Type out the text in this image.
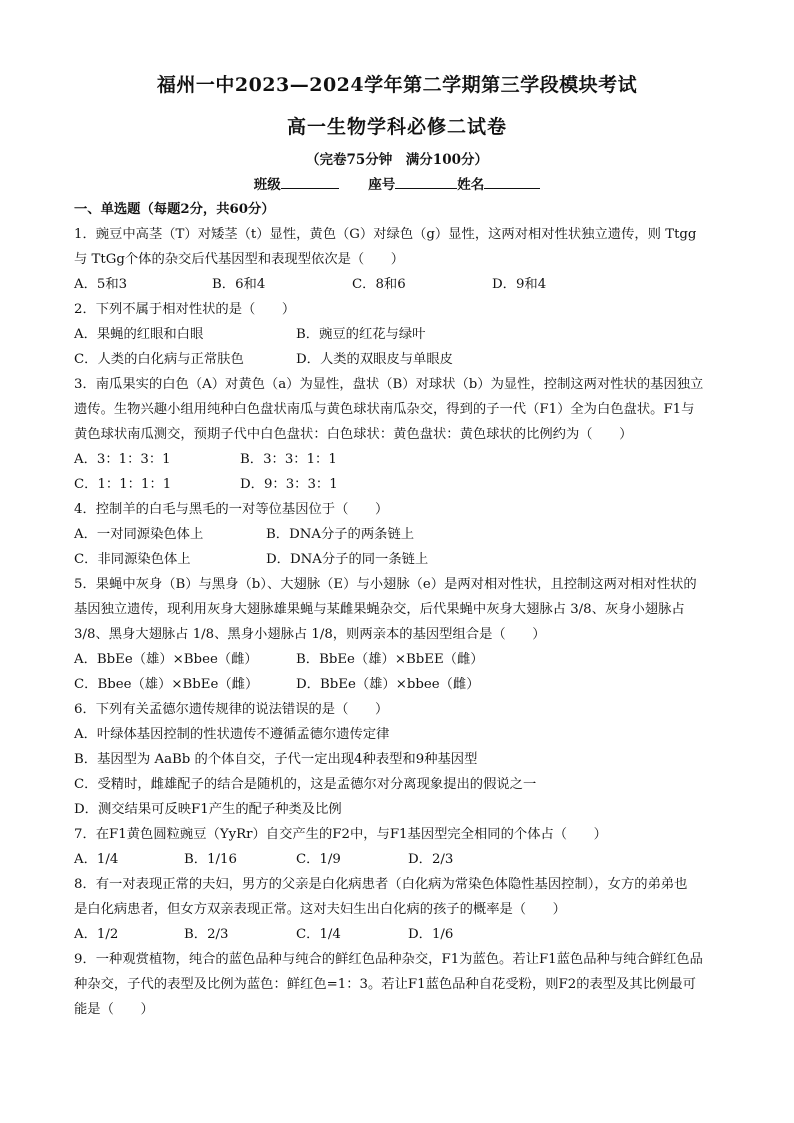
福州一中2023—2024学年第二学期第三学段模块考试
高一生物学科必修二试卷
（完卷75分钟　满分100分）
班级	座号	姓名
一、单选题（每题2分，共60分）
1．豌豆中高茎（T）对矮茎（t）显性，黄色（G）对绿色（g）显性，这两对相对性状独立遗传，则 Ttgg
与 TtGg个体的杂交后代基因型和表现型依次是（　　）
A．5和3	B．6和4	C．8和6	D．9和4
2．下列不属于相对性状的是（　　）
A．果蝇的红眼和白眼	B．豌豆的红花与绿叶
C．人类的白化病与正常肤色	D．人类的双眼皮与单眼皮
3．南瓜果实的白色（A）对黄色（a）为显性，盘状（B）对球状（b）为显性，控制这两对性状的基因独立
遗传。生物兴趣小组用纯种白色盘状南瓜与黄色球状南瓜杂交，得到的子一代（F1）全为白色盘状。F1与
黄色球状南瓜测交，预期子代中白色盘状：白色球状：黄色盘状：黄色球状的比例约为（　　）
A．3：1：3：1	B．3：3：1：1
C．1：1：1：1	D．9：3：3：1
4．控制羊的白毛与黑毛的一对等位基因位于（　　）
A．一对同源染色体上	B．DNA分子的两条链上
C．非同源染色体上	D．DNA分子的同一条链上
5．果蝇中灰身（B）与黑身（b）、大翅脉（E）与小翅脉（e）是两对相对性状，且控制这两对相对性状的
基因独立遗传，现利用灰身大翅脉雄果蝇与某雌果蝇杂交，后代果蝇中灰身大翅脉占 3/8、灰身小翅脉占
3/8、黑身大翅脉占 1/8、黑身小翅脉占 1/8，则两亲本的基因型组合是（　　）
A．BbEe（雄）×Bbee（雌）	B．BbEe（雄）×BbEE（雌）
C．Bbee（雄）×BbEe（雌）	D．BbEe（雄）×bbee（雌）
6．下列有关孟德尔遗传规律的说法错误的是（　　）
A．叶绿体基因控制的性状遗传不遵循孟德尔遗传定律
B．基因型为 AaBb 的个体自交，子代一定出现4种表型和9种基因型
C．受精时，雌雄配子的结合是随机的，这是孟德尔对分离现象提出的假说之一
D．测交结果可反映F1产生的配子种类及比例
7．在F1黄色圆粒豌豆（YyRr）自交产生的F2中，与F1基因型完全相同的个体占（　　）
A．1/4	B．1/16	C．1/9	D．2/3
8．有一对表现正常的夫妇，男方的父亲是白化病患者（白化病为常染色体隐性基因控制），女方的弟弟也
是白化病患者，但女方双亲表现正常。这对夫妇生出白化病的孩子的概率是（　　）
A．1/2	B．2/3	C．1/4	D．1/6
9．一种观赏植物，纯合的蓝色品种与纯合的鲜红色品种杂交，F1为蓝色。若让F1蓝色品种与纯合鲜红色品
种杂交，子代的表型及比例为蓝色：鲜红色=1：3。若让F1蓝色品种自花受粉，则F2的表型及其比例最可
能是（　　）
